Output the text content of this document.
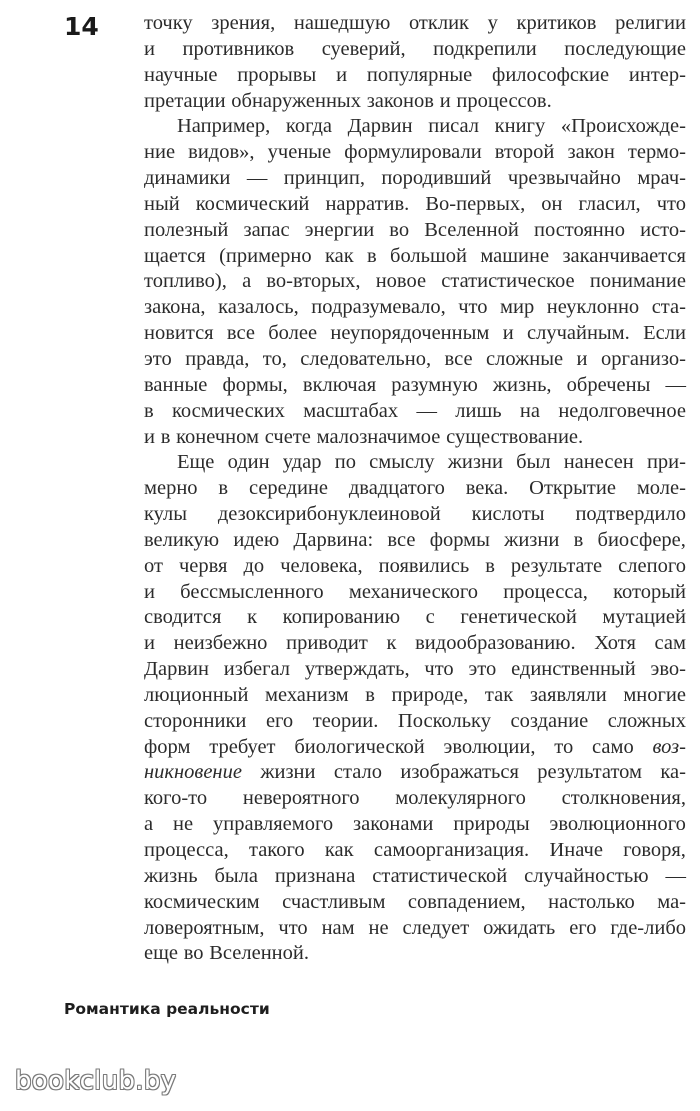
14 точку зрения, нашедшую отклик у критиков религии
и противников суеверий, подкрепили последующие
научные прорывы и популярные философские интер-
претации обнаруженных законов и процессов.
Например, когда Дарвин писал книгу «Происхожде-
ние видов», ученые формулировали второй закон термо-
динамики — принцип, породивший чрезвычайно мрач-
ный космический нарратив. Во-первых, он гласил, что
полезный запас энергии во Вселенной постоянно исто-
щается (примерно как в большой машине заканчивается
топливо), а во-вторых, новое статистическое понимание
закона, казалось, подразумевало, что мир неуклонно ста-
новится все более неупорядоченным и случайным. Если
это правда, то, следовательно, все сложные и организо-
ванные формы, включая разумную жизнь, обречены —
в космических масштабах — лишь на недолговечное
и в конечном счете малозначимое существование.
Еще один удар по смыслу жизни был нанесен при-
мерно в середине двадцатого века. Открытие моле-
кулы дезоксирибонуклеиновой кислоты подтвердило
великую идею Дарвина: все формы жизни в биосфере,
от червя до человека, появились в результате слепого
и бессмысленного механического процесса, который
сводится к копированию с генетической мутацией
и неизбежно приводит к видообразованию. Хотя сам
Дарвин избегал утверждать, что это единственный эво-
люционный механизм в природе, так заявляли многие
сторонники его теории. Поскольку создание сложных
форм требует биологической эволюции, то само воз-
никновение жизни стало изображаться результатом ка-
кого-то невероятного молекулярного столкновения,
а не управляемого законами природы эволюционного
процесса, такого как самоорганизация. Иначе говоря,
жизнь была признана статистической случайностью —
космическим счастливым совпадением, настолько ма-
ловероятным, что нам не следует ожидать его где-либо
еще во Вселенной.
Романтика реальности
bookclub.by
